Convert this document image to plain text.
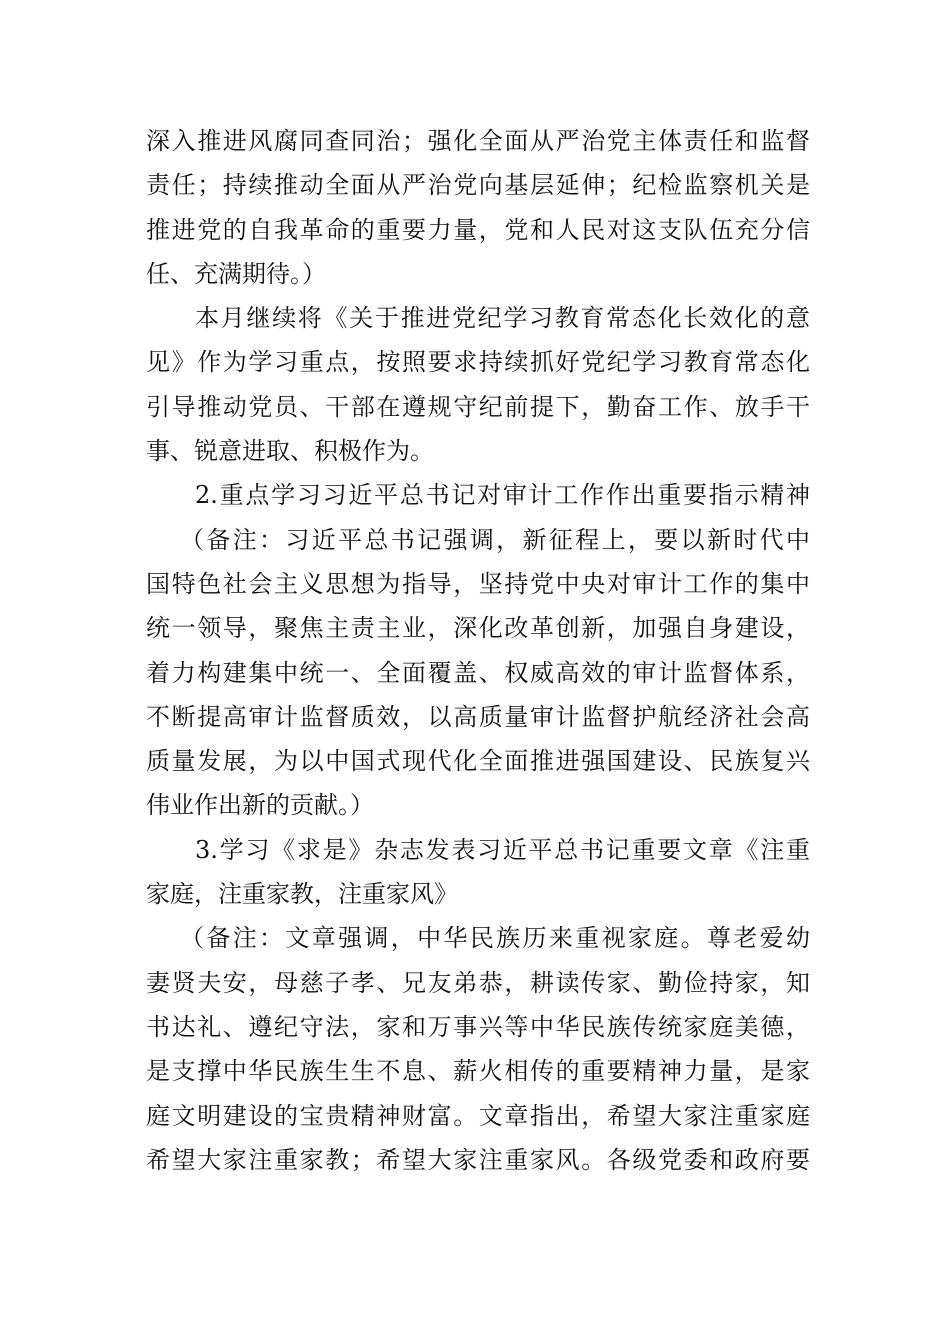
深入推进风腐同查同治；强化全面从严治党主体责任和监督
责任；持续推动全面从严治党向基层延伸；纪检监察机关是
推进党的自我革命的重要力量，党和人民对这支队伍充分信
任、充满期待。）
本月继续将《关于推进党纪学习教育常态化长效化的意
见》作为学习重点，按照要求持续抓好党纪学习教育常态化
引导推动党员、干部在遵规守纪前提下，勤奋工作、放手干
事、锐意进取、积极作为。
2.重点学习习近平总书记对审计工作作出重要指示精神
（备注：习近平总书记强调，新征程上，要以新时代中
国特色社会主义思想为指导，坚持党中央对审计工作的集中
统一领导，聚焦主责主业，深化改革创新，加强自身建设，
着力构建集中统一、全面覆盖、权威高效的审计监督体系，
不断提高审计监督质效，以高质量审计监督护航经济社会高
质量发展，为以中国式现代化全面推进强国建设、民族复兴
伟业作出新的贡献。）
3.学习《求是》杂志发表习近平总书记重要文章《注重
家庭，注重家教，注重家风》
（备注：文章强调，中华民族历来重视家庭。尊老爱幼
妻贤夫安，母慈子孝、兄友弟恭，耕读传家、勤俭持家，知
书达礼、遵纪守法，家和万事兴等中华民族传统家庭美德，
是支撑中华民族生生不息、薪火相传的重要精神力量，是家
庭文明建设的宝贵精神财富。文章指出，希望大家注重家庭
希望大家注重家教；希望大家注重家风。各级党委和政府要
